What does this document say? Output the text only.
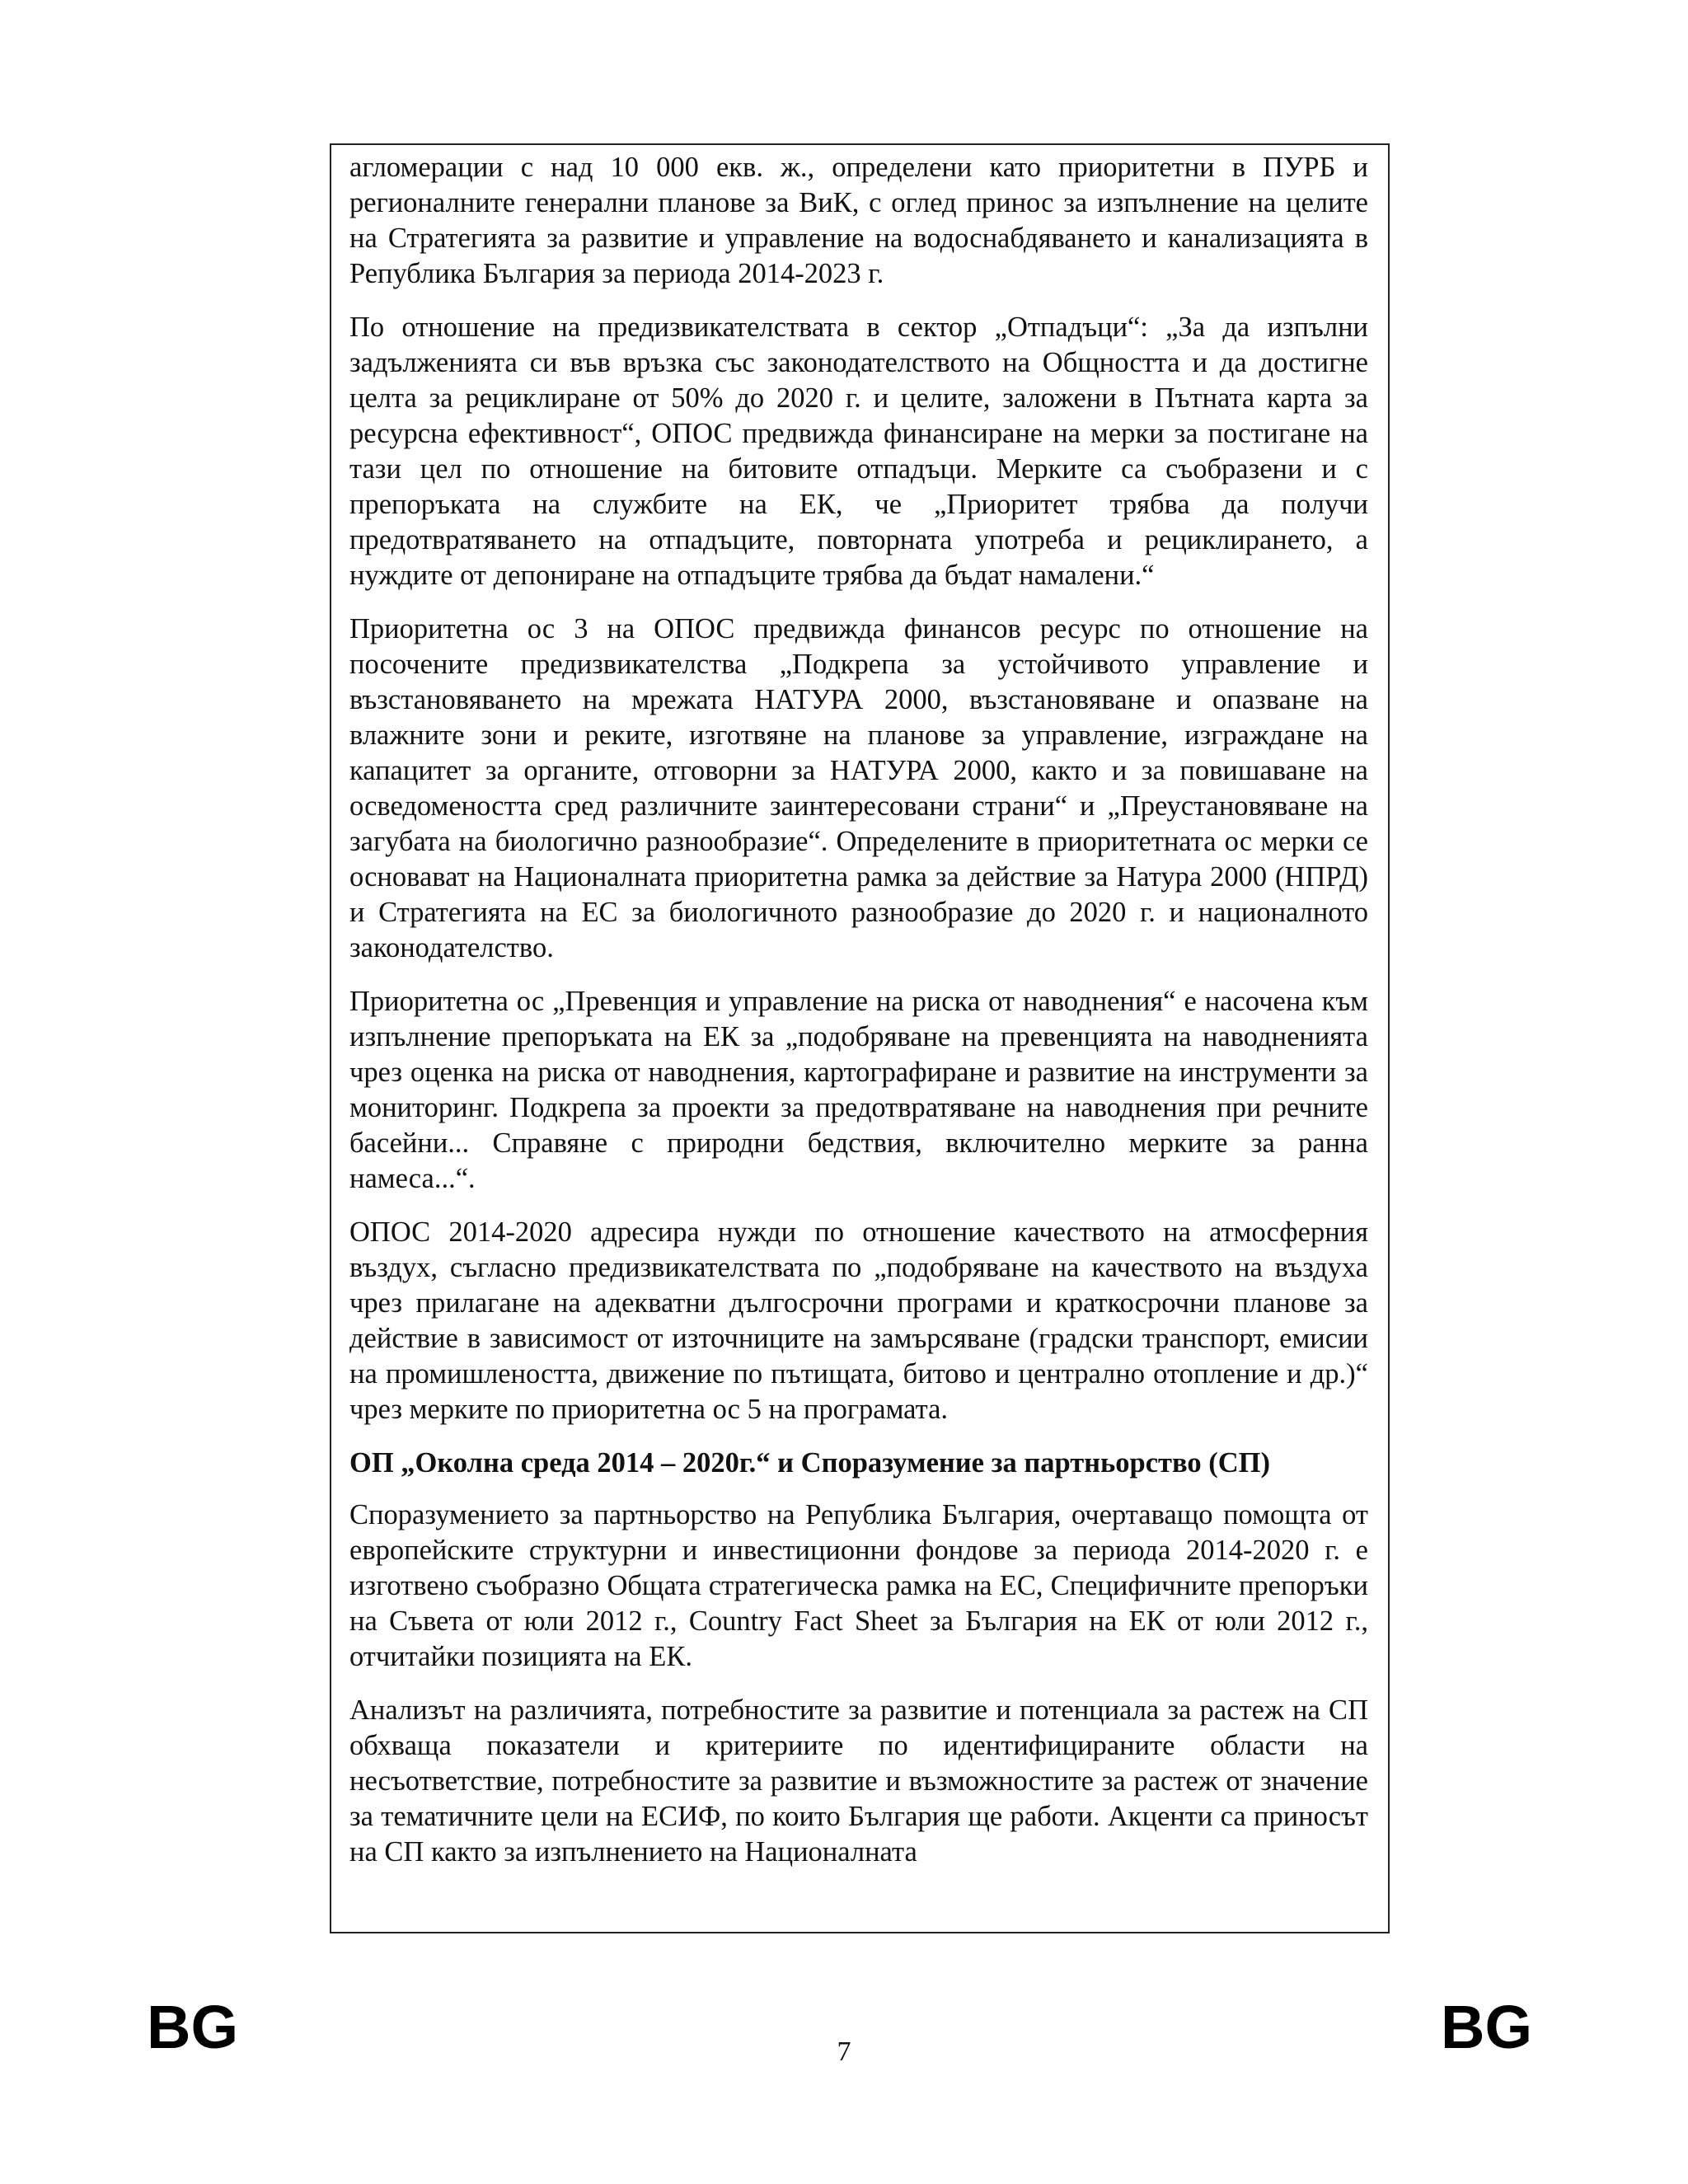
агломерации с над 10 000 екв. ж., определени като приоритетни в ПУРБ и регионалните генерални планове за ВиК, с оглед принос за изпълнение на целите на Стратегията за развитие и управление на водоснабдяването и канализацията в Република България за периода 2014-2023 г.

По отношение на предизвикателствата в сектор „Отпадъци“: „За да изпълни задълженията си във връзка със законодателството на Общността и да достигне целта за рециклиране от 50% до 2020 г. и целите, заложени в Пътната карта за ресурсна ефективност“, ОПОС предвижда финансиране на мерки за постигане на тази цел по отношение на битовите отпадъци. Мерките са съобразени и с препоръката на службите на ЕК, че „Приоритет трябва да получи предотвратяването на отпадъците, повторната употреба и рециклирането, а нуждите от депониране на отпадъците трябва да бъдат намалени.“

Приоритетна ос 3 на ОПОС предвижда финансов ресурс по отношение на посочените предизвикателства „Подкрепа за устойчивото управление и възстановяването на мрежата НАТУРА 2000, възстановяване и опазване на влажните зони и реките, изготвяне на планове за управление, изграждане на капацитет за органите, отговорни за НАТУРА 2000, както и за повишаване на осведомеността сред различните заинтересовани страни“ и „Преустановяване на загубата на биологично разнообразие“. Определените в приоритетната ос мерки се основават на Националната приоритетна рамка за действие за Натура 2000 (НПРД) и Стратегията на ЕС за биологичното разнообразие до 2020 г. и националното законодателство.

Приоритетна ос „Превенция и управление на риска от наводнения“ е насочена към изпълнение препоръката на ЕК за „подобряване на превенцията на наводненията чрез оценка на риска от наводнения, картографиране и развитие на инструменти за мониторинг. Подкрепа за проекти за предотвратяване на наводнения при речните басейни... Справяне с природни бедствия, включително мерките за ранна намеса...“.

ОПОС 2014-2020 адресира нужди по отношение качеството на атмосферния въздух, съгласно предизвикателствата по „подобряване на качеството на въздуха чрез прилагане на адекватни дългосрочни програми и краткосрочни планове за действие в зависимост от източниците на замърсяване (градски транспорт, емисии на промишлеността, движение по пътищата, битово и централно отопление и др.)“ чрез мерките по приоритетна ос 5 на програмата.

ОП „Околна среда 2014 – 2020г.“ и Споразумение за партньорство (СП)

Споразумението за партньорство на Република България, очертаващо помощта от европейските структурни и инвестиционни фондове за периода 2014-2020 г. е изготвено съобразно Общата стратегическа рамка на ЕС, Специфичните препоръки на Съвета от юли 2012 г., Country Fact Sheet за България на ЕК от юли 2012 г., отчитайки позицията на ЕК.

Анализът на различията, потребностите за развитие и потенциала за растеж на СП обхваща показатели и критериите по идентифицираните области на несъответствие, потребностите за развитие и възможностите за растеж от значение за тематичните цели на ЕСИФ, по които България ще работи. Акценти са приносът на СП както за изпълнението на Националната

BG	7	BG
